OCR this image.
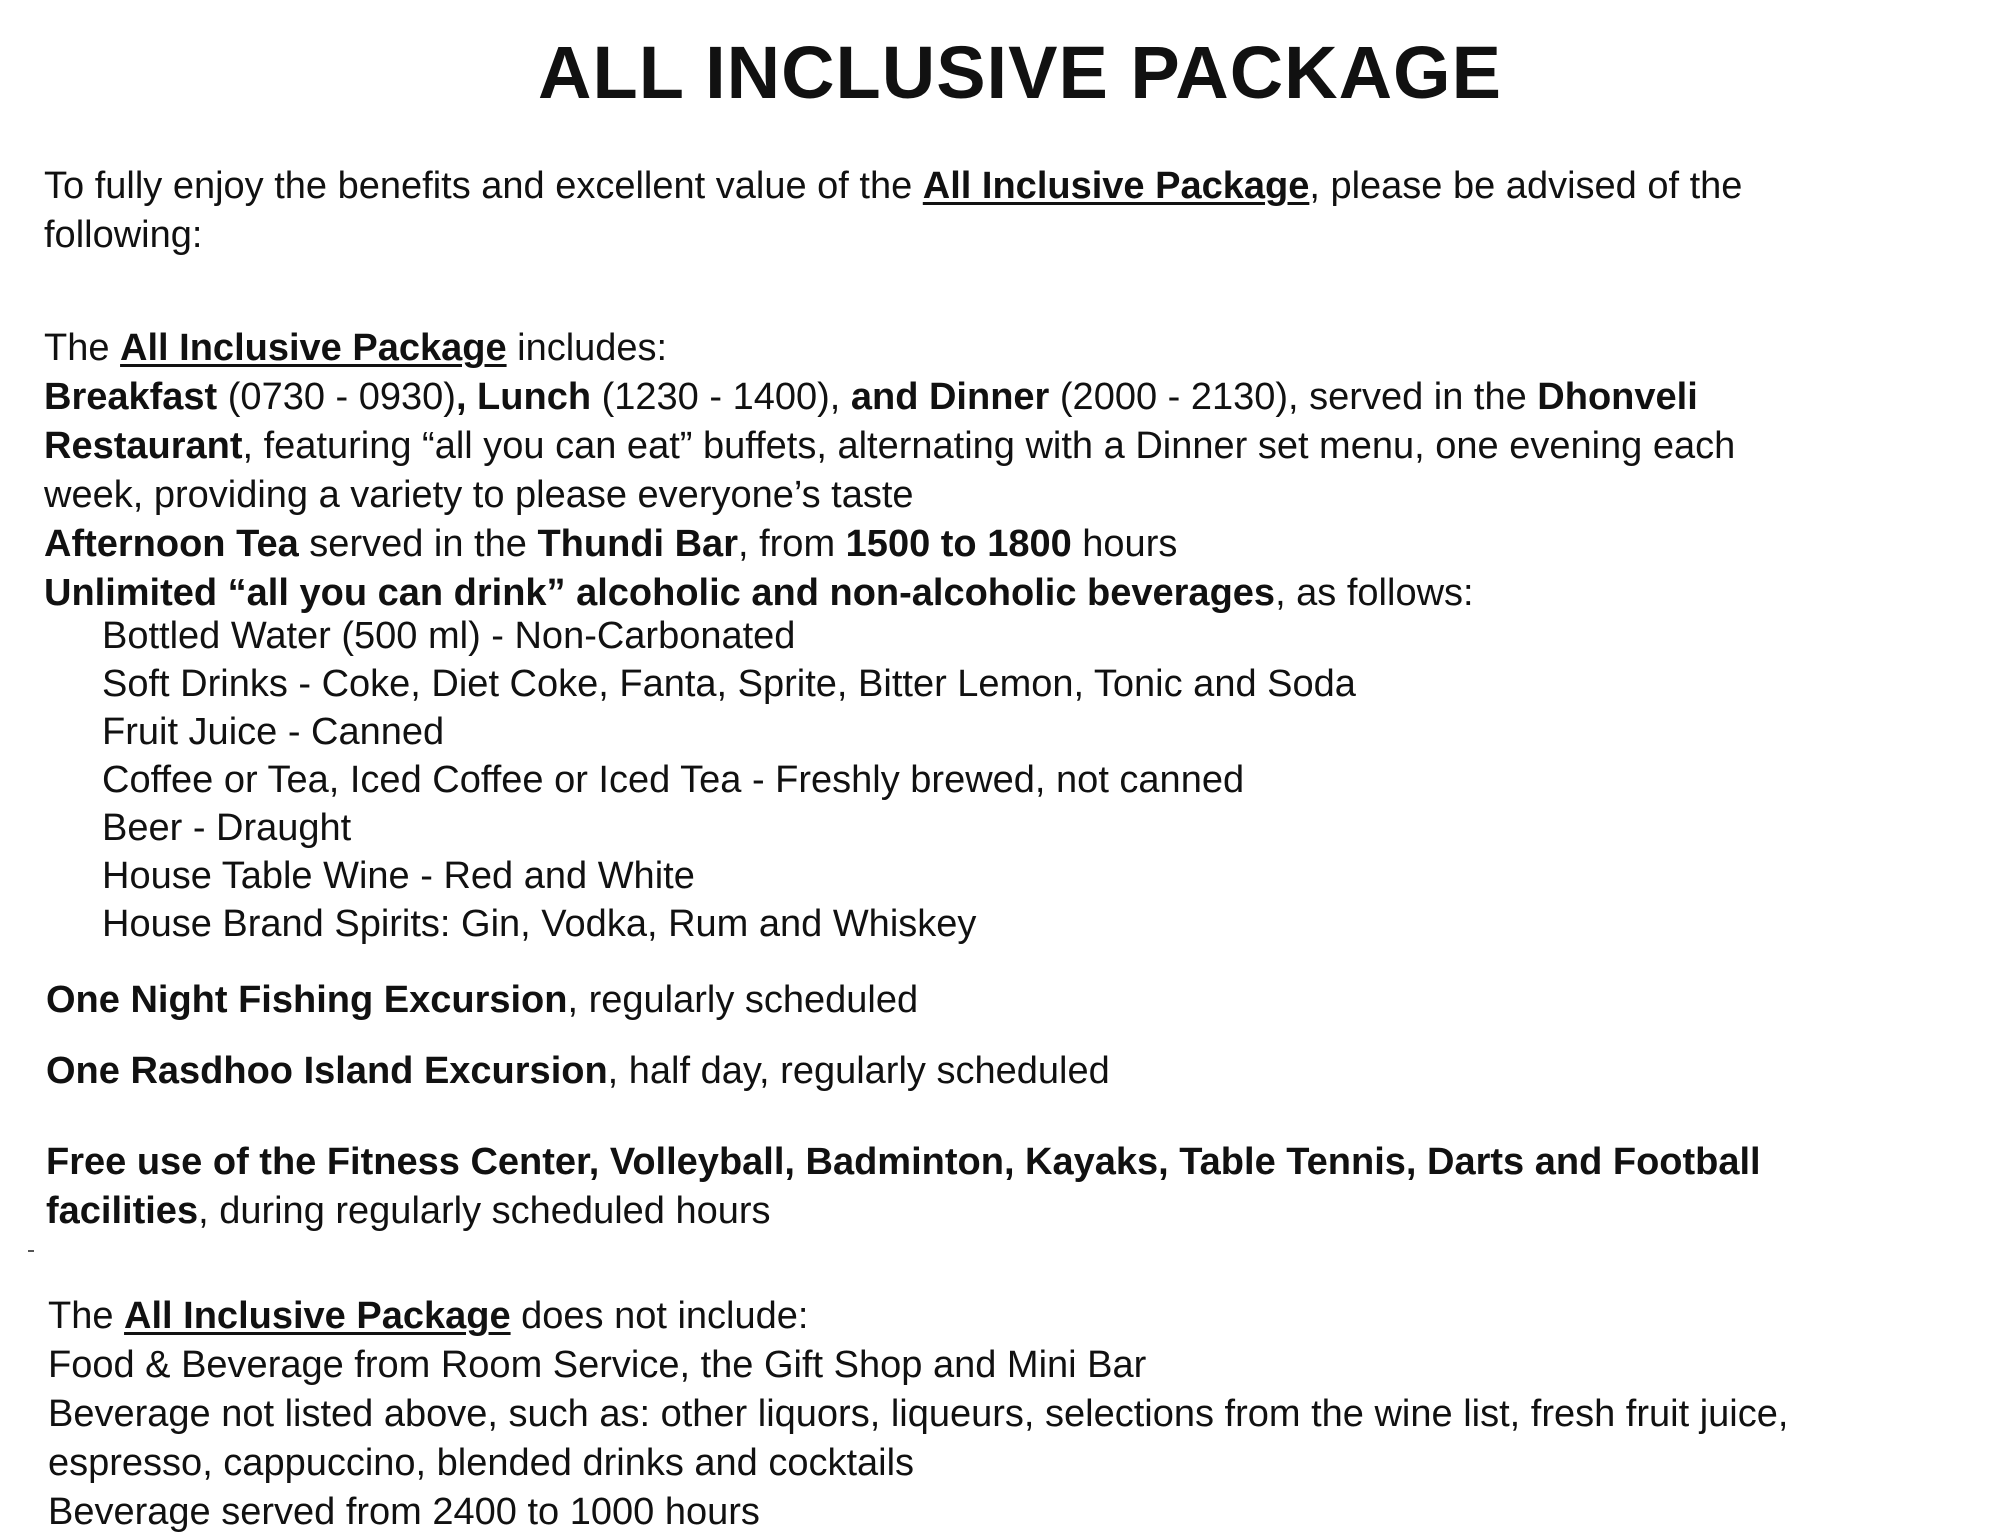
ALL INCLUSIVE PACKAGE
To fully enjoy the benefits and excellent value of the All Inclusive Package, please be advised of the
following:
The All Inclusive Package includes:
Breakfast (0730 - 0930), Lunch (1230 - 1400), and Dinner (2000 - 2130), served in the Dhonveli
Restaurant, featuring “all you can eat” buffets, alternating with a Dinner set menu, one evening each
week, providing a variety to please everyone’s taste
Afternoon Tea served in the Thundi Bar, from 1500 to 1800 hours
Unlimited “all you can drink” alcoholic and non-alcoholic beverages, as follows:
Bottled Water (500 ml) - Non-Carbonated
Soft Drinks - Coke, Diet Coke, Fanta, Sprite, Bitter Lemon, Tonic and Soda
Fruit Juice - Canned
Coffee or Tea, Iced Coffee or Iced Tea - Freshly brewed, not canned
Beer - Draught
House Table Wine - Red and White
House Brand Spirits: Gin, Vodka, Rum and Whiskey
One Night Fishing Excursion, regularly scheduled
One Rasdhoo Island Excursion, half day, regularly scheduled
Free use of the Fitness Center, Volleyball, Badminton, Kayaks, Table Tennis, Darts and Football
facilities, during regularly scheduled hours
The All Inclusive Package does not include:
Food & Beverage from Room Service, the Gift Shop and Mini Bar
Beverage not listed above, such as: other liquors, liqueurs, selections from the wine list, fresh fruit juice,
espresso, cappuccino, blended drinks and cocktails
Beverage served from 2400 to 1000 hours
